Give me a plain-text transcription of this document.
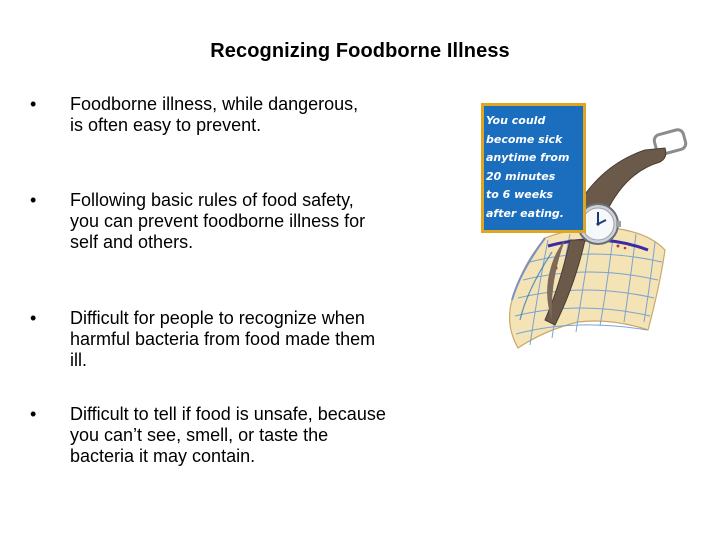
Recognizing Foodborne Illness
•	Foodborne illness, while dangerous, is often easy to prevent.
•	Following basic rules of food safety, you can prevent foodborne illness for self and others.
•	Difficult for people to recognize when harmful bacteria from food made them ill.
•	Difficult to tell if food is unsafe, because you can’t see, smell, or taste the bacteria it may contain.
You could
become sick
anytime from
20 minutes
to 6 weeks
after eating.
